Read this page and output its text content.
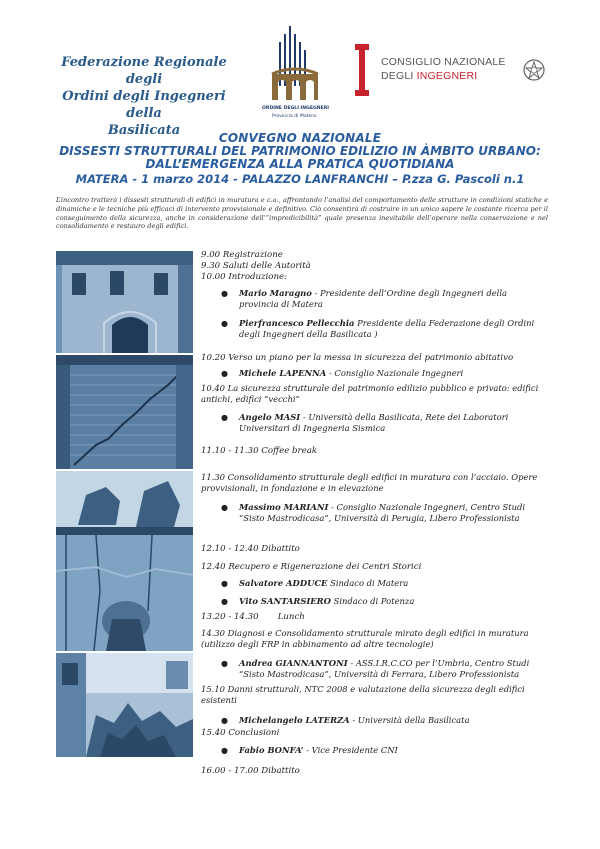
Federazione Regionale degli
Ordini degli Ingegneri della
Basilicata
ORDINE DEGLI INGEGNERI
Provincia di Matera
CONSIGLIO NAZIONALE
DEGLI INGEGNERI
CONVEGNO NAZIONALE
DISSESTI STRUTTURALI DEL PATRIMONIO EDILIZIO IN ÀMBITO URBANO:
DALL’EMERGENZA ALLA PRATICA QUOTIDIANA
MATERA - 1 marzo 2014 - PALAZZO LANFRANCHI – P.zza G. Pascoli n.1
L’incontro tratterà i dissesti strutturali di edifici in muratura e c.a., affrontando l’analisi del comportamento delle strutture in condizioni statiche e dinamiche e le tecniche più efficaci di intervento provvisionale e definitivo. Ciò consentirà di costruire in un unico sapere le costante ricerca per il conseguimento della sicurezza, anche in considerazione dell’“impredicibilità” quale presenza inevitabile dell’operare nella conservazione e nel consolidamento e restauro degli edifici.
9.00 Registrazione
9.30 Saluti delle Autorità
10.00 Introduzione:
● Mario Maragno - Presidente dell’Ordine degli Ingegneri della provincia di Matera
● Pierfrancesco Pellecchia Presidente della Federazione degli Ordini degli Ingegneri della Basilicata )
10.20 Verso un piano per la messa in sicurezza del patrimonio abitativo
● Michele LAPENNA - Consiglio Nazionale Ingegneri
10.40 La sicurezza strutturale del patrimonio edilizio pubblico e privato: edifici antichi, edifici “vecchi”
● Angelo MASI - Università della Basilicata, Rete dei Laboratori Universitari di Ingegneria Sismica
11.10 - 11.30 Coffee break
11.30 Consolidamento strutturale degli edifici in muratura con l’acciaio. Opere provvisionali, in fondazione e in elevazione
● Massimo MARIANI - Consiglio Nazionale Ingegneri, Centro Studi “Sisto Mastrodicasa”, Università di Perugia, Libero Professionista
12.10 - 12.40 Dibattito
12.40 Recupero e Rigenerazione dei Centri Storici
● Salvatore ADDUCE Sindaco di Matera
● Vito SANTARSIERO Sindaco di Potenza
13.20 - 14.30       Lunch
14.30 Diagnosi e Consolidamento strutturale mirato degli edifici in muratura (utilizzo degli FRP in abbinamento ad altre tecnologie)
● Andrea GIANNANTONI - ASS.I.R.C.CO per l’Umbria, Centro Studi “Sisto Mastrodicasa”, Università di Ferrara, Libero Professionista
15.10 Danni strutturali, NTC 2008 e valutazione della sicurezza degli edifici esistenti
● Michelangelo LATERZA - Università della Basilicata
15.40 Conclusioni
● Fabio BONFA’ - Vice Presidente CNI
16.00 - 17.00 Dibattito
